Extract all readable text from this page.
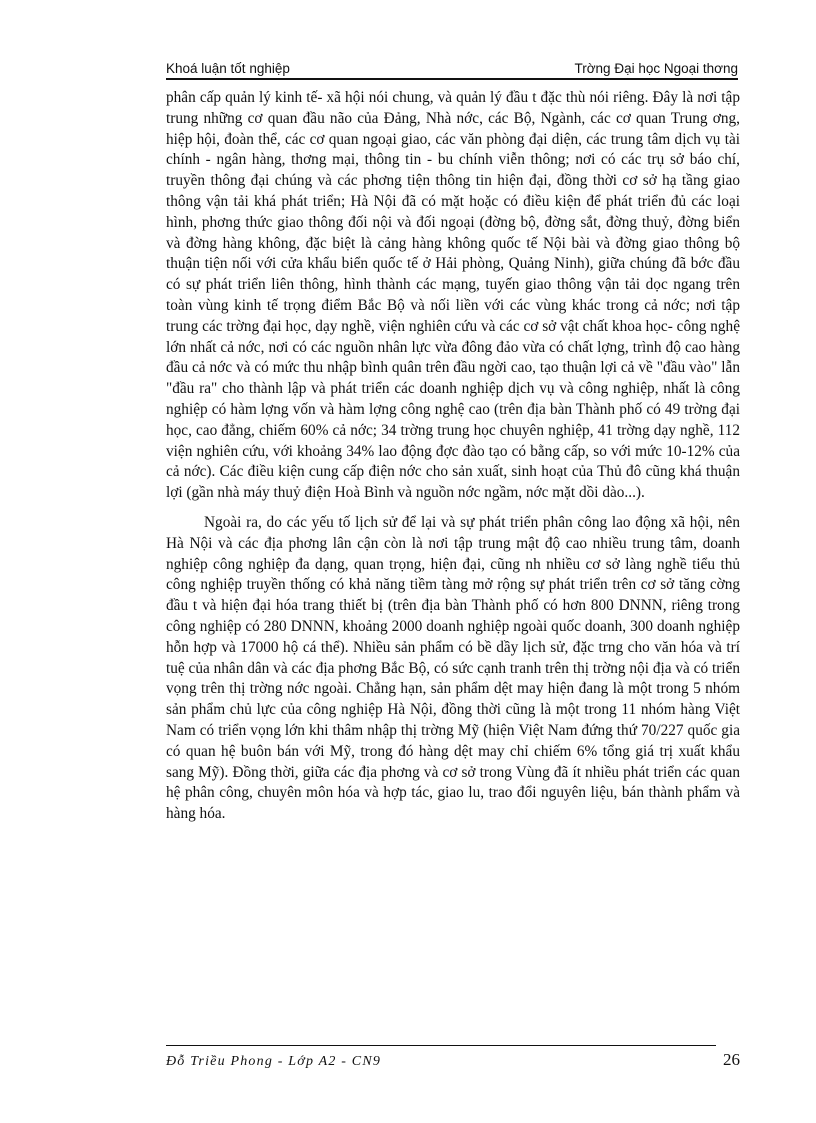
Khoá luận tốt nghiệp	Trờng Đại học Ngoại thơng

phân cấp quản lý kinh tế- xã hội nói chung, và quản lý đầu t đặc thù nói riêng. Đây là nơi tập trung những cơ quan đầu não của Đảng, Nhà nớc, các Bộ, Ngành, các cơ quan Trung ơng, hiệp hội, đoàn thể, các cơ quan ngoại giao, các văn phòng đại diện, các trung tâm dịch vụ tài chính - ngân hàng, thơng mại, thông tin - bu chính viễn thông; nơi có các trụ sở báo chí, truyền thông đại chúng và các phơng tiện thông tin hiện đại, đồng thời cơ sở hạ tầng giao thông vận tải khá phát triển; Hà Nội đã có mặt hoặc có điều kiện để phát triển đủ các loại hình, phơng thức giao thông đối nội và đối ngoại (đờng bộ, đờng sắt, đờng thuỷ, đờng biển và đờng hàng không, đặc biệt là cảng hàng không quốc tế Nội bài và đờng giao thông bộ thuận tiện nối với cửa khẩu biển quốc tế ở Hải phòng, Quảng Ninh), giữa chúng đã bớc đầu có sự phát triển liên thông, hình thành các mạng, tuyến giao thông vận tải dọc ngang trên toàn vùng kinh tế trọng điểm Bắc Bộ và nối liền với các vùng khác trong cả nớc; nơi tập trung các trờng đại học, dạy nghề, viện nghiên cứu và các cơ sở vật chất khoa học- công nghệ lớn nhất cả nớc, nơi có các nguồn nhân lực vừa đông đảo vừa có chất lợng, trình độ cao hàng đầu cả nớc và có mức thu nhập bình quân trên đầu ngời cao, tạo thuận lợi cả về "đầu vào" lẫn "đầu ra" cho thành lập và phát triển các doanh nghiệp dịch vụ và công nghiệp, nhất là công nghiệp có hàm lợng vốn và hàm lợng công nghệ cao (trên địa bàn Thành phố có 49 trờng đại học, cao đẳng, chiếm 60% cả nớc; 34 trờng trung học chuyên nghiệp, 41 trờng dạy nghề, 112 viện nghiên cứu, với khoảng 34% lao động đợc đào tạo có bằng cấp, so với mức 10-12% của cả nớc). Các điều kiện cung cấp điện nớc cho sản xuất, sinh hoạt của Thủ đô cũng khá thuận lợi (gần nhà máy thuỷ điện Hoà Bình và nguồn nớc ngầm, nớc mặt dồi dào...).

Ngoài ra, do các yếu tố lịch sử để lại và sự phát triển phân công lao động xã hội, nên Hà Nội và các địa phơng lân cận còn là nơi tập trung mật độ cao nhiều trung tâm, doanh nghiệp công nghiệp đa dạng, quan trọng, hiện đại, cũng nh nhiều cơ sở làng nghề tiểu thủ công nghiệp truyền thống có khả năng tiềm tàng mở rộng sự phát triển trên cơ sở tăng cờng đầu t và hiện đại hóa trang thiết bị (trên địa bàn Thành phố có hơn 800 DNNN, riêng trong công nghiệp có 280 DNNN, khoảng 2000 doanh nghiệp ngoài quốc doanh, 300 doanh nghiệp hỗn hợp và 17000 hộ cá thể). Nhiều sản phẩm có bề dầy lịch sử, đặc trng cho văn hóa và trí tuệ của nhân dân và các địa phơng Bắc Bộ, có sức cạnh tranh trên thị trờng nội địa và có triển vọng trên thị trờng nớc ngoài. Chẳng hạn, sản phẩm dệt may hiện đang là một trong 5 nhóm sản phẩm chủ lực của công nghiệp Hà Nội, đồng thời cũng là một trong 11 nhóm hàng Việt Nam có triển vọng lớn khi thâm nhập thị trờng Mỹ (hiện Việt Nam đứng thứ 70/227 quốc gia có quan hệ buôn bán với Mỹ, trong đó hàng dệt may chỉ chiếm 6% tổng giá trị xuất khẩu sang Mỹ). Đồng thời, giữa các địa phơng và cơ sở trong Vùng đã ít nhiều phát triển các quan hệ phân công, chuyên môn hóa và hợp tác, giao lu, trao đổi nguyên liệu, bán thành phẩm và hàng hóa.

Đỗ Triều Phong - Lớp A2 - CN9	26
